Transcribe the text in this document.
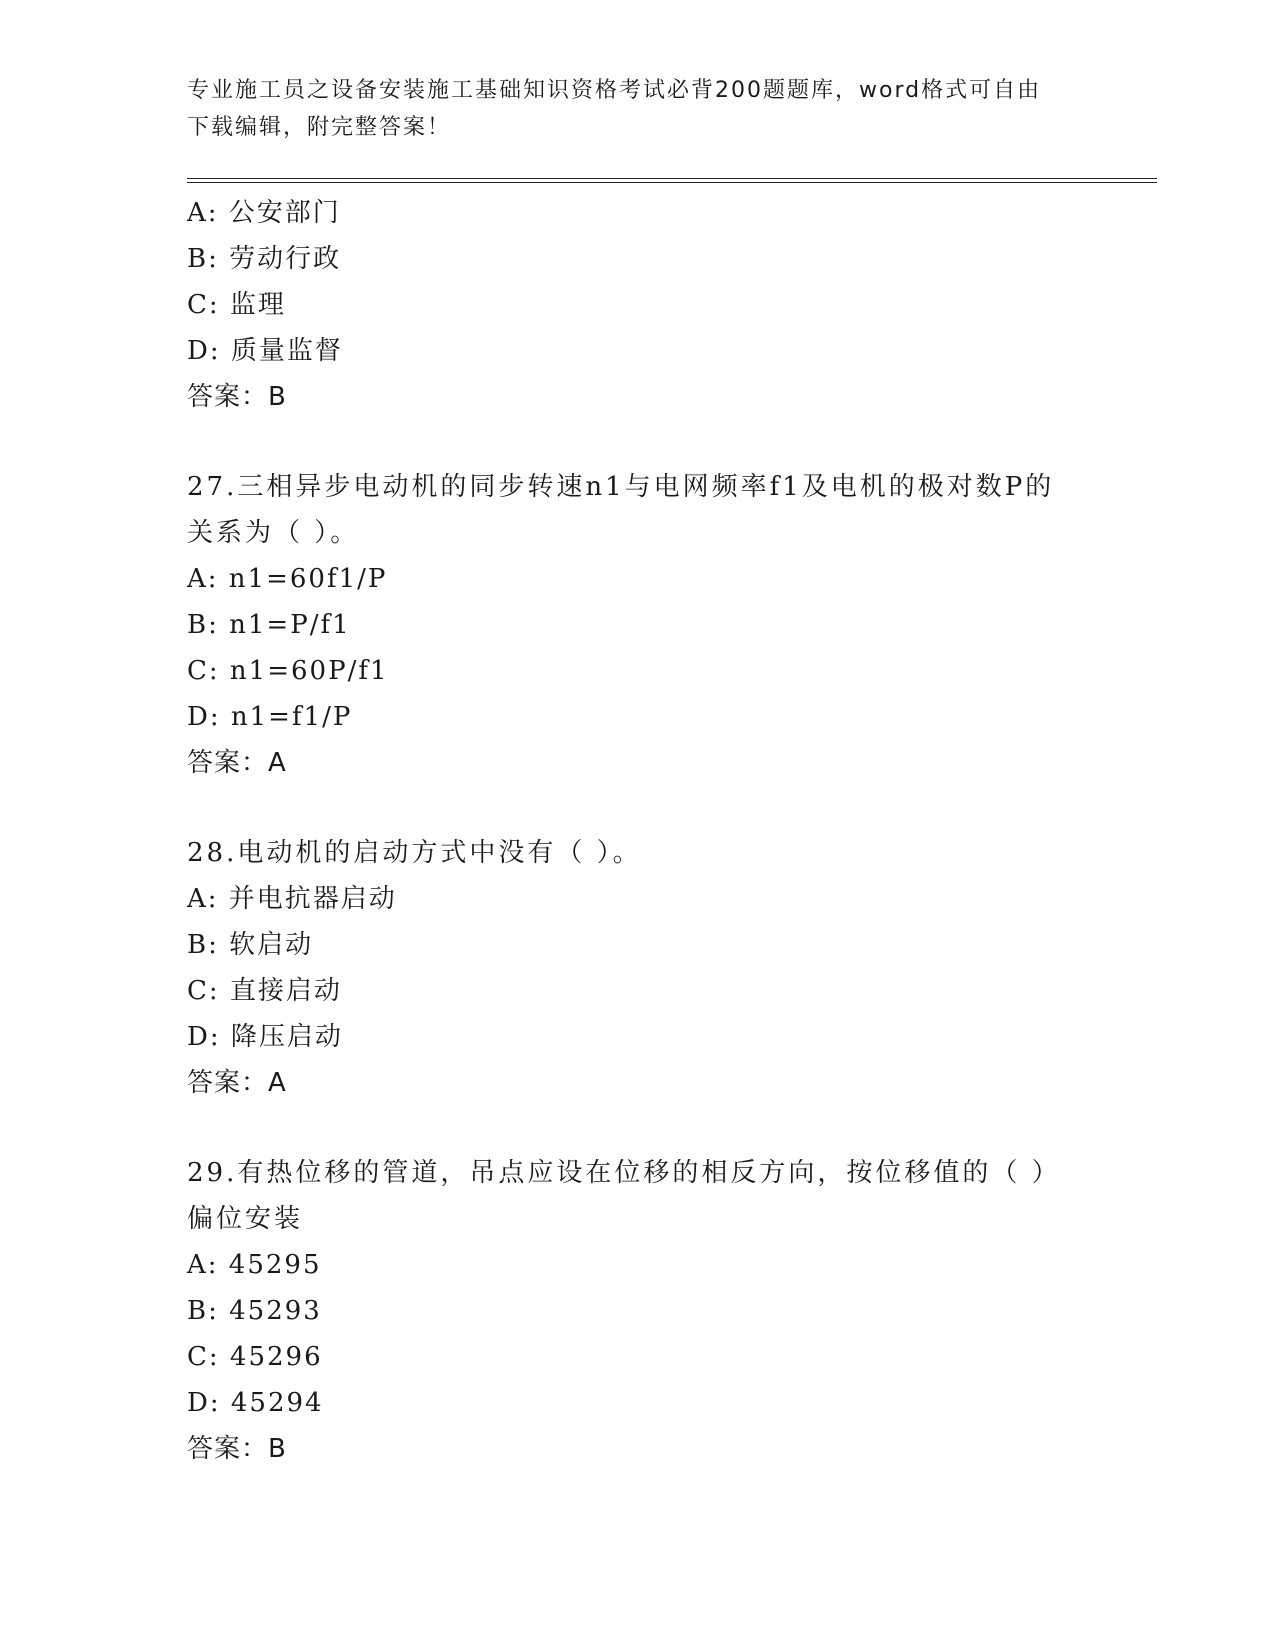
专业施工员之设备安装施工基础知识资格考试必背200题题库，word格式可自由
下载编辑，附完整答案！
A: 公安部门
B: 劳动行政
C: 监理
D: 质量监督
答案：B
27.三相异步电动机的同步转速n1与电网频率f1及电机的极对数P的
关系为（ ）。
A: n1=60f1/P
B: n1=P/f1
C: n1=60P/f1
D: n1=f1/P
答案：A
28.电动机的启动方式中没有（ ）。
A: 并电抗器启动
B: 软启动
C: 直接启动
D: 降压启动
答案：A
29.有热位移的管道，吊点应设在位移的相反方向，按位移值的（ ）
偏位安装
A: 45295
B: 45293
C: 45296
D: 45294
答案：B
